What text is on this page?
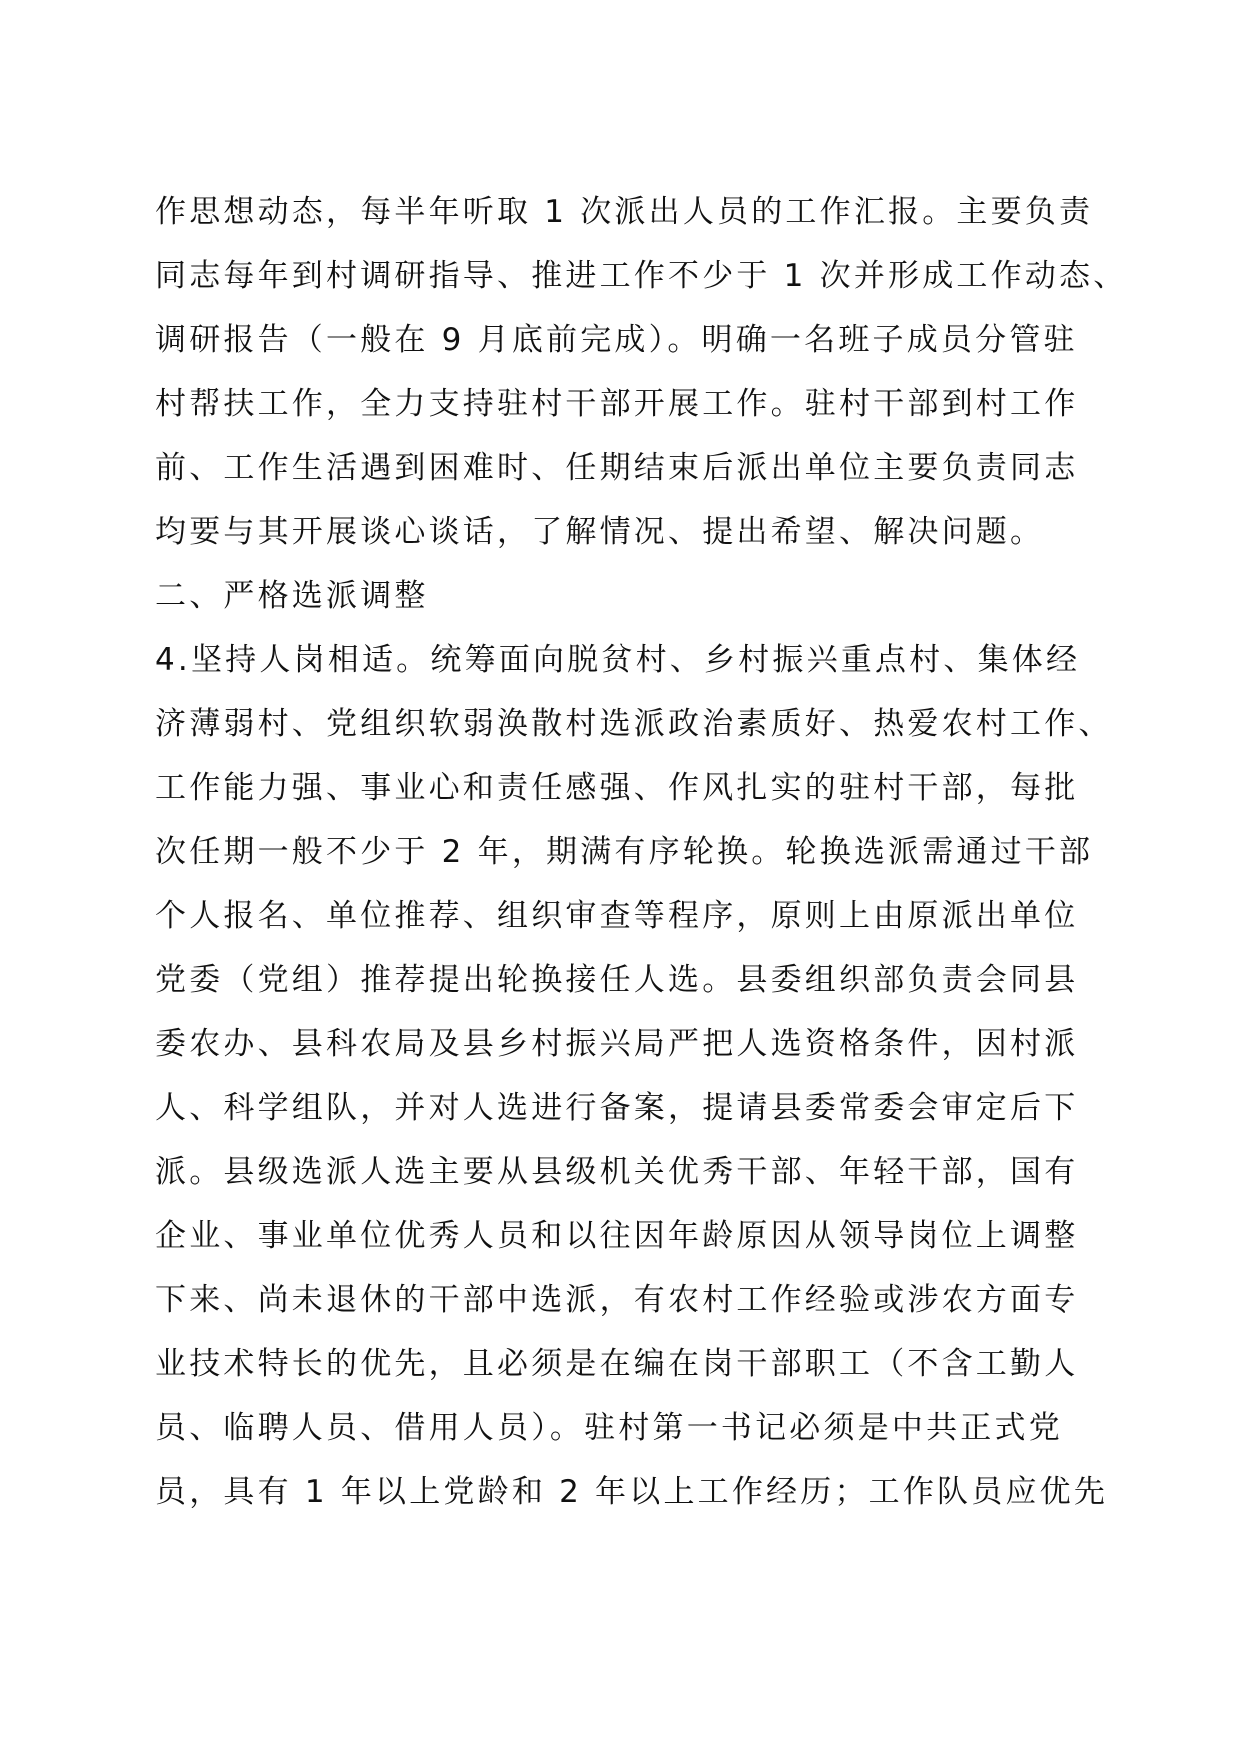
作思想动态，每半年听取 1 次派出人员的工作汇报。主要负责
同志每年到村调研指导、推进工作不少于 1 次并形成工作动态、
调研报告（一般在 9 月底前完成）。明确一名班子成员分管驻
村帮扶工作，全力支持驻村干部开展工作。驻村干部到村工作
前、工作生活遇到困难时、任期结束后派出单位主要负责同志
均要与其开展谈心谈话，了解情况、提出希望、解决问题。
二、严格选派调整
4.坚持人岗相适。统筹面向脱贫村、乡村振兴重点村、集体经
济薄弱村、党组织软弱涣散村选派政治素质好、热爱农村工作、
工作能力强、事业心和责任感强、作风扎实的驻村干部，每批
次任期一般不少于 2 年，期满有序轮换。轮换选派需通过干部
个人报名、单位推荐、组织审查等程序，原则上由原派出单位
党委（党组）推荐提出轮换接任人选。县委组织部负责会同县
委农办、县科农局及县乡村振兴局严把人选资格条件，因村派
人、科学组队，并对人选进行备案，提请县委常委会审定后下
派。县级选派人选主要从县级机关优秀干部、年轻干部，国有
企业、事业单位优秀人员和以往因年龄原因从领导岗位上调整
下来、尚未退休的干部中选派，有农村工作经验或涉农方面专
业技术特长的优先，且必须是在编在岗干部职工（不含工勤人
员、临聘人员、借用人员）。驻村第一书记必须是中共正式党
员，具有 1 年以上党龄和 2 年以上工作经历；工作队员应优先
